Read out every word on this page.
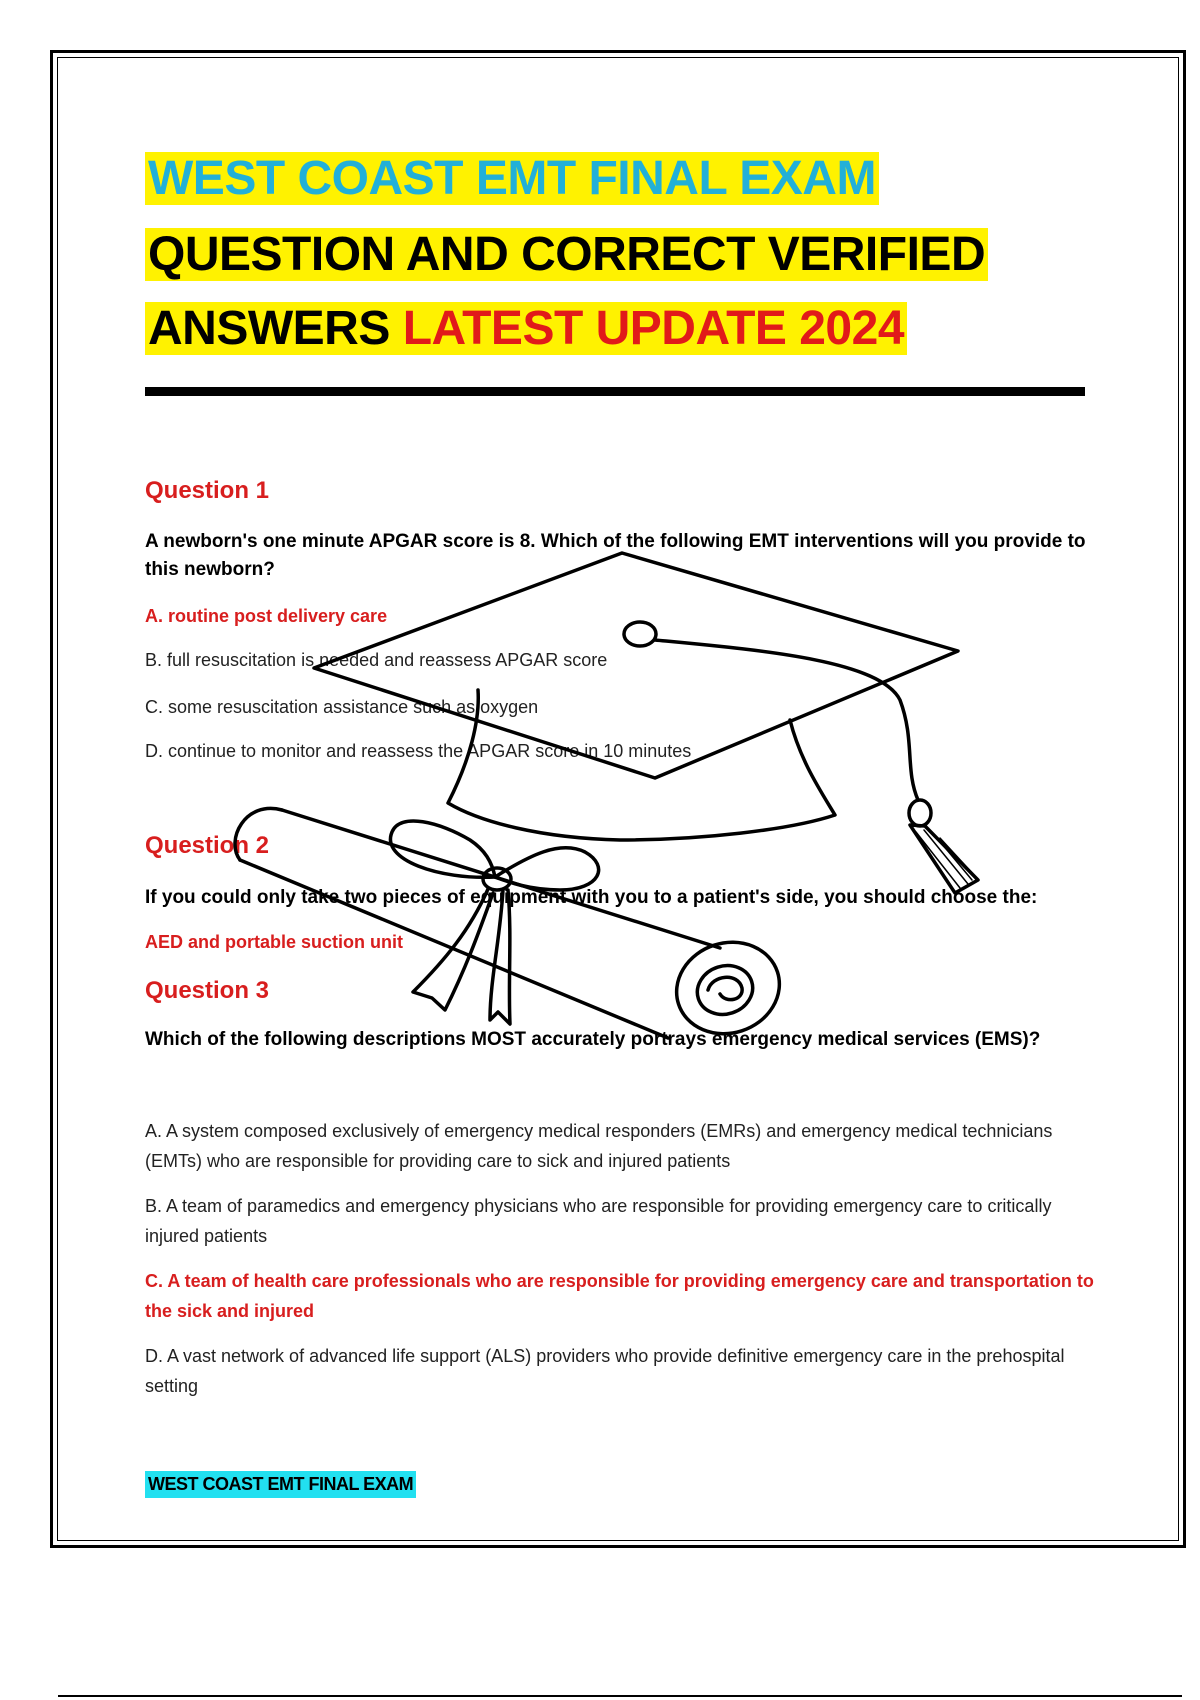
WEST COAST EMT FINAL EXAM
QUESTION AND CORRECT VERIFIED
ANSWERS LATEST UPDATE 2024
Question 1
A newborn's one minute APGAR score is 8. Which of the following EMT interventions will you provide to this newborn?
A. routine post delivery care
B. full resuscitation is needed and reassess APGAR score
C. some resuscitation assistance such as oxygen
D. continue to monitor and reassess the APGAR score in 10 minutes
Question 2
If you could only take two pieces of equipment with you to a patient's side, you should choose the:
AED and portable suction unit
Question 3
Which of the following descriptions MOST accurately portrays emergency medical services (EMS)?
A. A system composed exclusively of emergency medical responders (EMRs) and emergency medical technicians (EMTs) who are responsible for providing care to sick and injured patients
B. A team of paramedics and emergency physicians who are responsible for providing emergency care to critically injured patients
C. A team of health care professionals who are responsible for providing emergency care and transportation to the sick and injured
D. A vast network of advanced life support (ALS) providers who provide definitive emergency care in the prehospital setting
WEST COAST EMT FINAL EXAM
